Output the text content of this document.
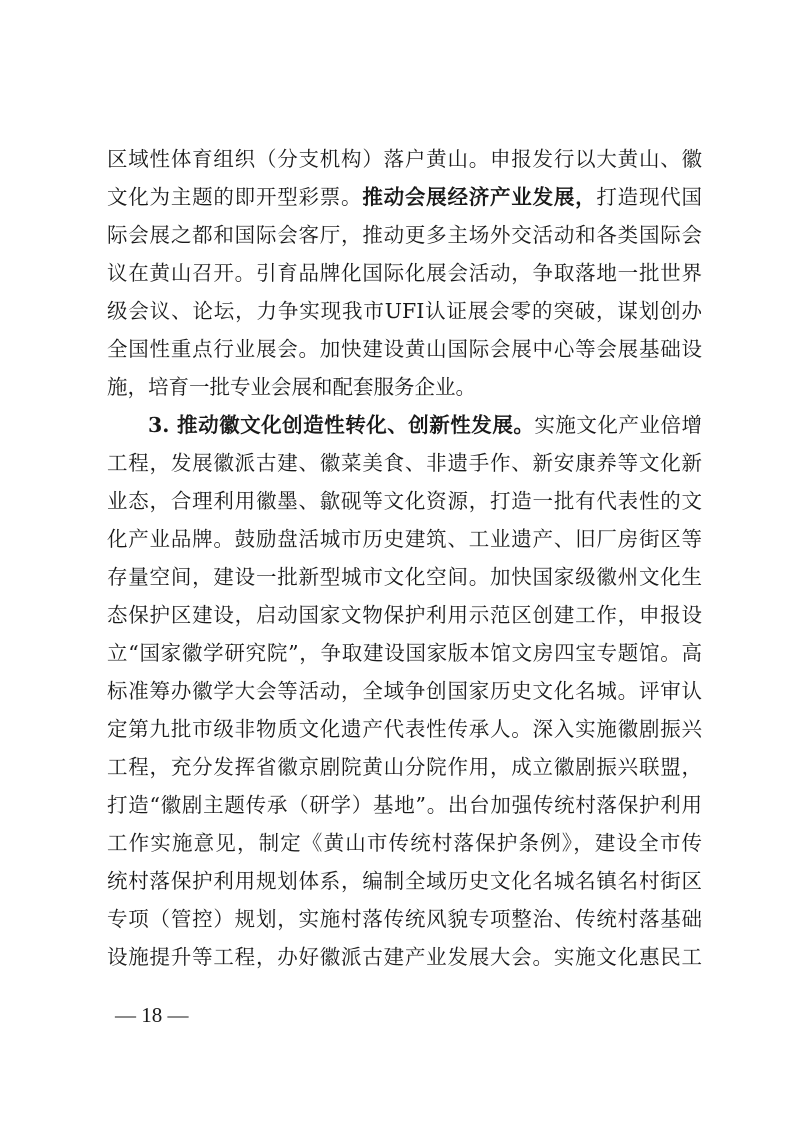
区域性体育组织（分支机构）落户黄山。申报发行以大黄山、徽
文化为主题的即开型彩票。推动会展经济产业发展，打造现代国
际会展之都和国际会客厅，推动更多主场外交活动和各类国际会
议在黄山召开。引育品牌化国际化展会活动，争取落地一批世界
级会议、论坛，力争实现我市UFI认证展会零的突破，谋划创办
全国性重点行业展会。加快建设黄山国际会展中心等会展基础设
施，培育一批专业会展和配套服务企业。
3. 推动徽文化创造性转化、创新性发展。实施文化产业倍增
工程，发展徽派古建、徽菜美食、非遗手作、新安康养等文化新
业态，合理利用徽墨、歙砚等文化资源，打造一批有代表性的文
化产业品牌。鼓励盘活城市历史建筑、工业遗产、旧厂房街区等
存量空间，建设一批新型城市文化空间。加快国家级徽州文化生
态保护区建设，启动国家文物保护利用示范区创建工作，申报设
立“国家徽学研究院”，争取建设国家版本馆文房四宝专题馆。高
标准筹办徽学大会等活动，全域争创国家历史文化名城。评审认
定第九批市级非物质文化遗产代表性传承人。深入实施徽剧振兴
工程，充分发挥省徽京剧院黄山分院作用，成立徽剧振兴联盟，
打造“徽剧主题传承（研学）基地”。出台加强传统村落保护利用
工作实施意见，制定《黄山市传统村落保护条例》，建设全市传
统村落保护利用规划体系，编制全域历史文化名城名镇名村街区
专项（管控）规划，实施村落传统风貌专项整治、传统村落基础
设施提升等工程，办好徽派古建产业发展大会。实施文化惠民工
— 18 —
